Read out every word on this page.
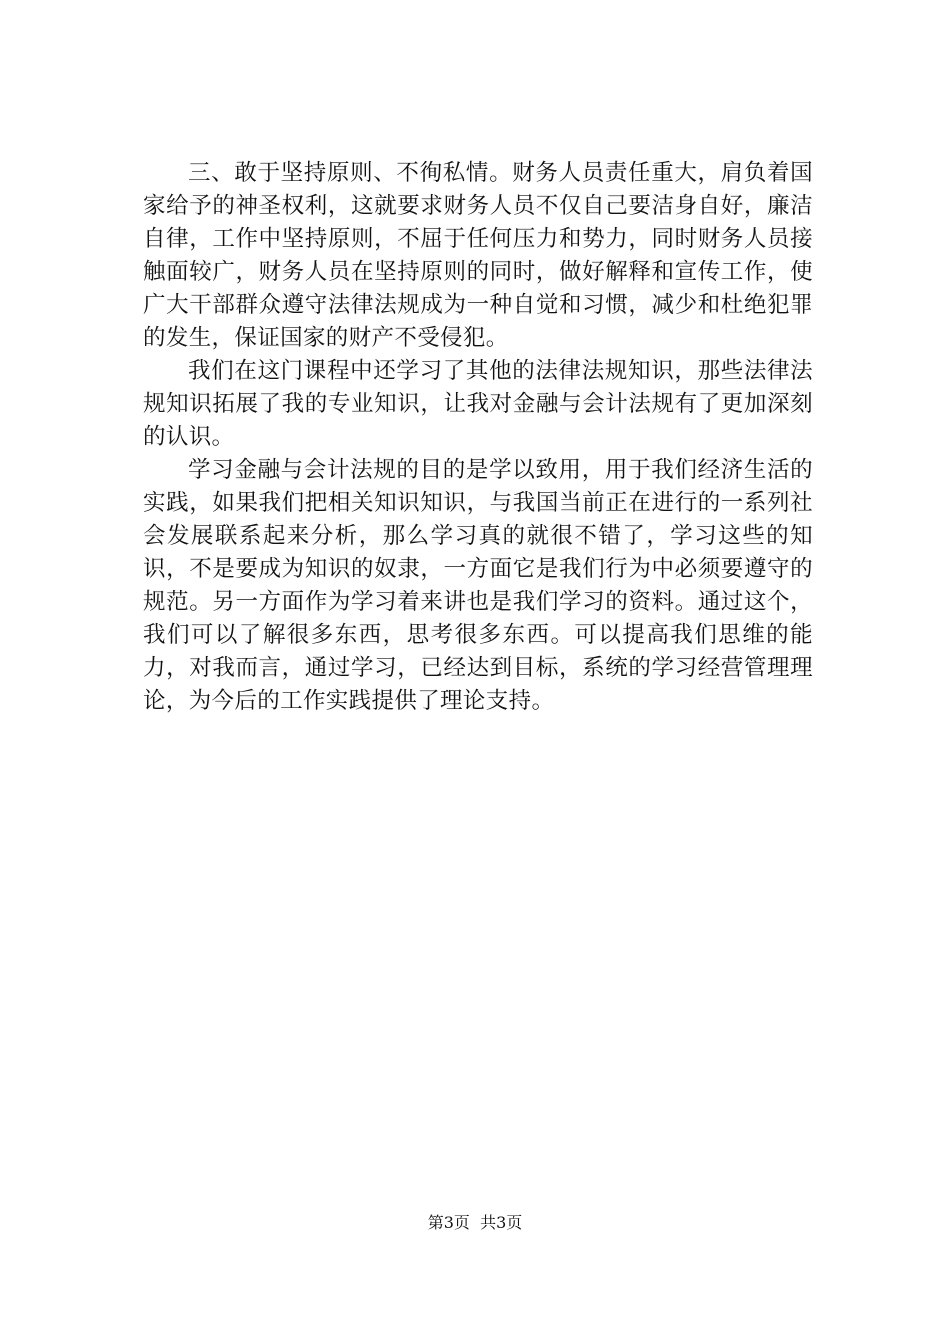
三、敢于坚持原则、不徇私情。财务人员责任重大，肩负着国家给予的神圣权利，这就要求财务人员不仅自己要洁身自好，廉洁自律，工作中坚持原则，不屈于任何压力和势力，同时财务人员接触面较广，财务人员在坚持原则的同时，做好解释和宣传工作，使广大干部群众遵守法律法规成为一种自觉和习惯，减少和杜绝犯罪的发生，保证国家的财产不受侵犯。

我们在这门课程中还学习了其他的法律法规知识，那些法律法规知识拓展了我的专业知识，让我对金融与会计法规有了更加深刻的认识。

学习金融与会计法规的目的是学以致用，用于我们经济生活的实践，如果我们把相关知识知识，与我国当前正在进行的一系列社会发展联系起来分析，那么学习真的就很不错了，学习这些的知识，不是要成为知识的奴隶，一方面它是我们行为中必须要遵守的规范。另一方面作为学习着来讲也是我们学习的资料。通过这个，我们可以了解很多东西，思考很多东西。可以提高我们思维的能力，对我而言，通过学习，已经达到目标，系统的学习经营管理理论，为今后的工作实践提供了理论支持。

第3页  共3页
